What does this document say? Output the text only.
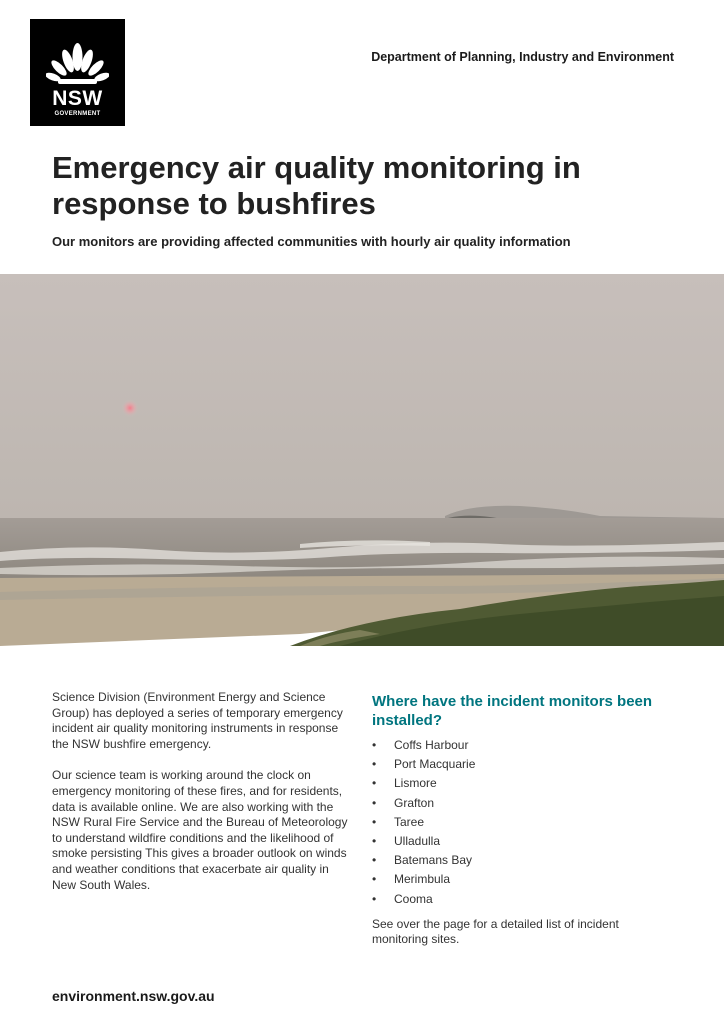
NSW
GOVERNMENT
Department of Planning, Industry and Environment
Emergency air quality monitoring in response to bushfires
Our monitors are providing affected communities with hourly air quality information

Science Division (Environment Energy and Science Group) has deployed a series of temporary emergency incident air quality monitoring instruments in response the NSW bushfire emergency.

Our science team is working around the clock on emergency monitoring of these fires, and for residents, data is available online. We are also working with the NSW Rural Fire Service and the Bureau of Meteorology to understand wildfire conditions and the likelihood of smoke persisting This gives a broader outlook on winds and weather conditions that exacerbate air quality in New South Wales.

Where have the incident monitors been installed?
• Coffs Harbour
• Port Macquarie
• Lismore
• Grafton
• Taree
• Ulladulla
• Batemans Bay
• Merimbula
• Cooma

See over the page for a detailed list of incident monitoring sites.

environment.nsw.gov.au
